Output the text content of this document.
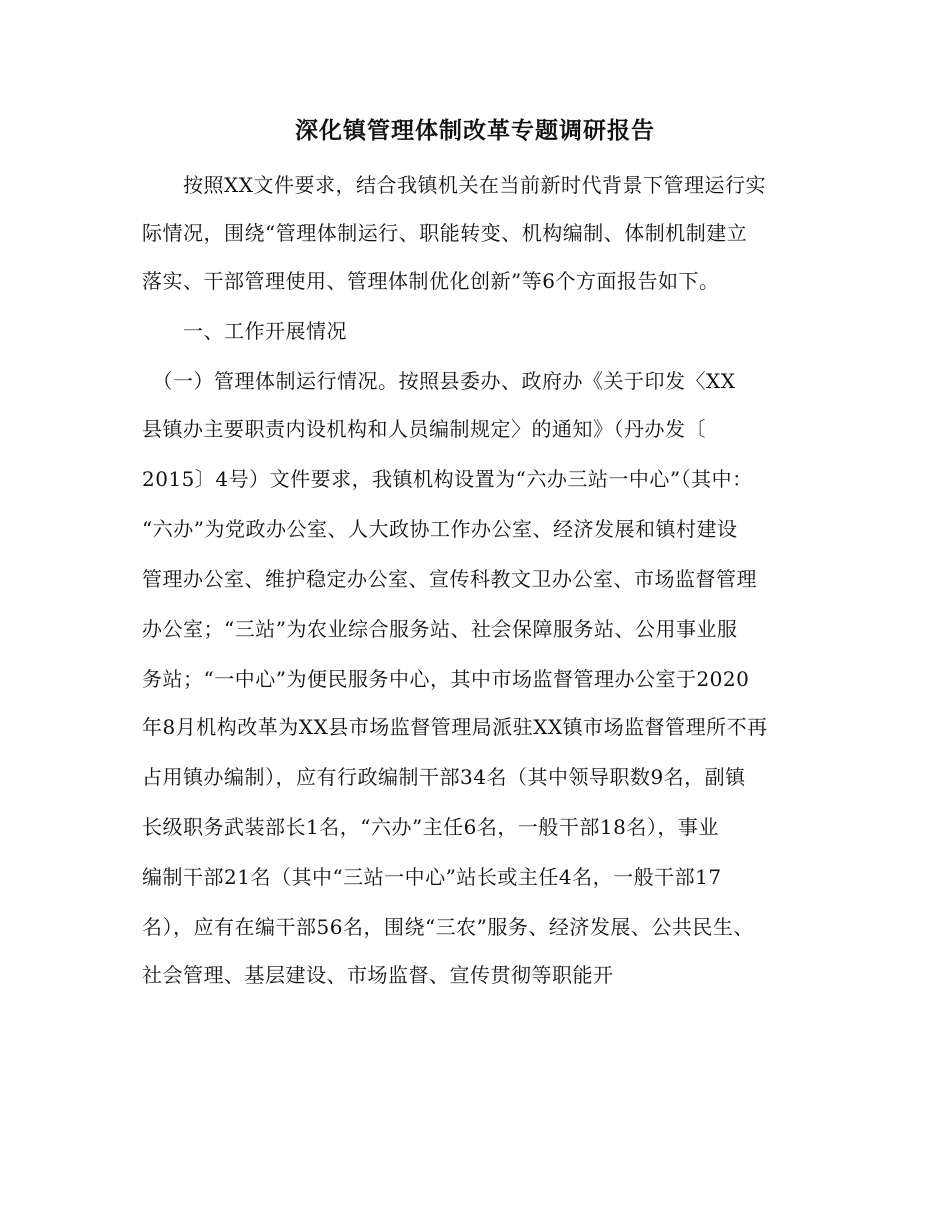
深化镇管理体制改革专题调研报告
　　按照XX文件要求，结合我镇机关在当前新时代背景下管理运行实
际情况，围绕“管理体制运行、职能转变、机构编制、体制机制建立
落实、干部管理使用、管理体制优化创新”等6个方面报告如下。
　　一、工作开展情况
　（一）管理体制运行情况。按照县委办、政府办《关于印发〈XX
县镇办主要职责内设机构和人员编制规定〉的通知》（丹办发〔
2015〕4号）文件要求，我镇机构设置为“六办三站一中心”（其中：
“六办”为党政办公室、人大政协工作办公室、经济发展和镇村建设
管理办公室、维护稳定办公室、宣传科教文卫办公室、市场监督管理
办公室；“三站”为农业综合服务站、社会保障服务站、公用事业服
务站；“一中心”为便民服务中心，其中市场监督管理办公室于2020
年8月机构改革为XX县市场监督管理局派驻XX镇市场监督管理所不再
占用镇办编制），应有行政编制干部34名（其中领导职数9名，副镇
长级职务武装部长1名，“六办”主任6名，一般干部18名），事业
编制干部21名（其中“三站一中心”站长或主任4名，一般干部17
名），应有在编干部56名，围绕“三农”服务、经济发展、公共民生、
社会管理、基层建设、市场监督、宣传贯彻等职能开
